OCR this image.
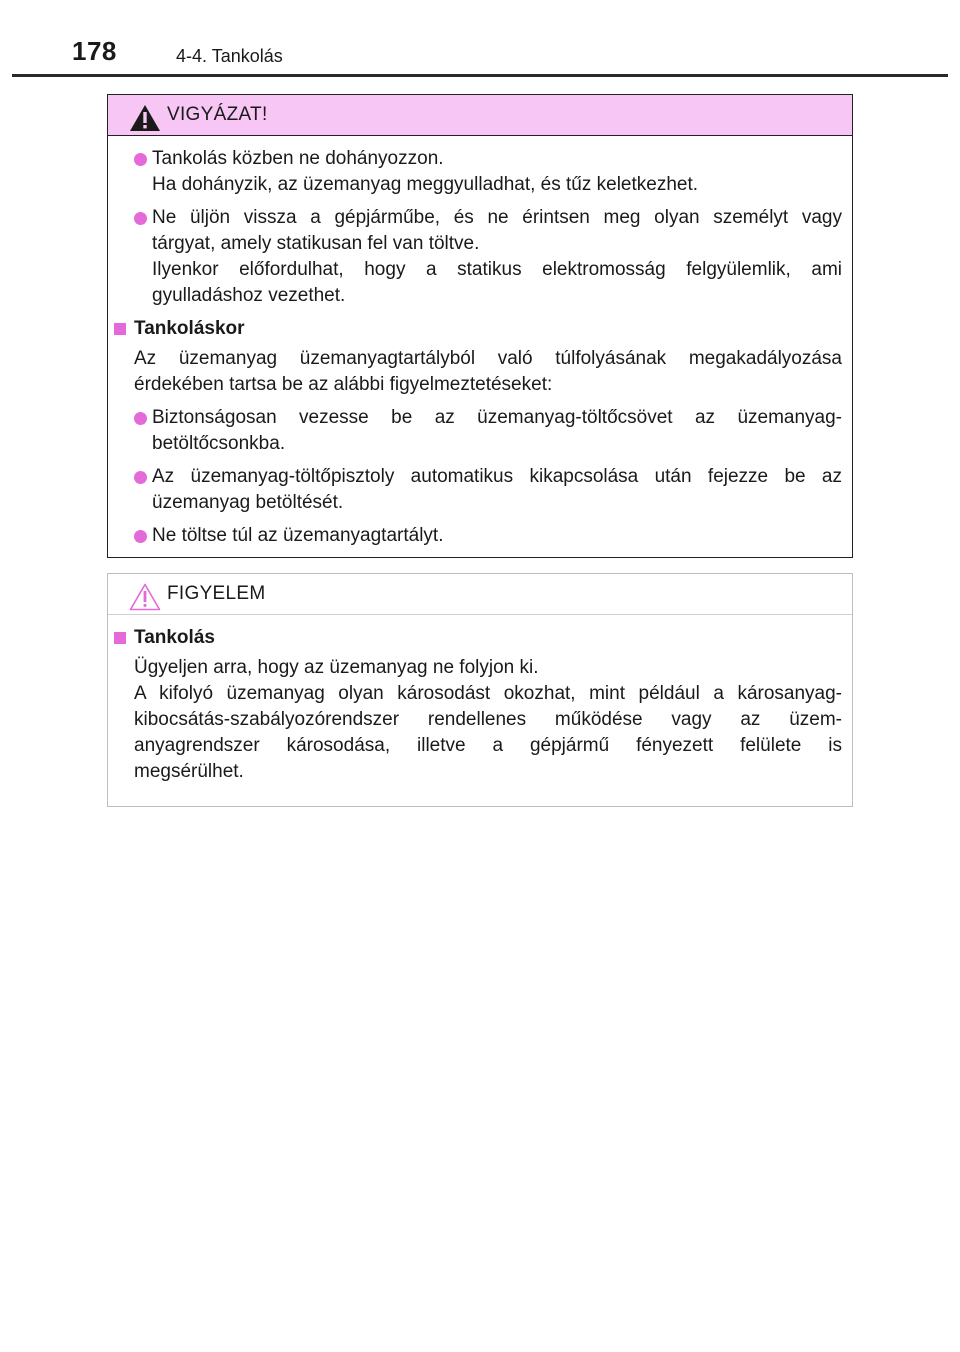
178	4-4. Tankolás
VIGYÁZAT!
Tankolás közben ne dohányozzon.
Ha dohányzik, az üzemanyag meggyulladhat, és tűz keletkezhet.
Ne üljön vissza a gépjárműbe, és ne érintsen meg olyan személyt vagy
tárgyat, amely statikusan fel van töltve.
Ilyenkor előfordulhat, hogy a statikus elektromosság felgyülemlik, ami
gyulladáshoz vezethet.
Tankoláskor
Az üzemanyag üzemanyagtartályból való túlfolyásának megakadályozása
érdekében tartsa be az alábbi figyelmeztetéseket:
Biztonságosan vezesse be az üzemanyag-töltőcsövet az üzemanyag-
betöltőcsonkba.
Az üzemanyag-töltőpisztoly automatikus kikapcsolása után fejezze be az
üzemanyag betöltését.
Ne töltse túl az üzemanyagtartályt.
FIGYELEM
Tankolás
Ügyeljen arra, hogy az üzemanyag ne folyjon ki.
A kifolyó üzemanyag olyan károsodást okozhat, mint például a károsanyag-
kibocsátás-szabályozórendszer rendellenes működése vagy az üzem-
anyagrendszer károsodása, illetve a gépjármű fényezett felülete is
megsérülhet.
